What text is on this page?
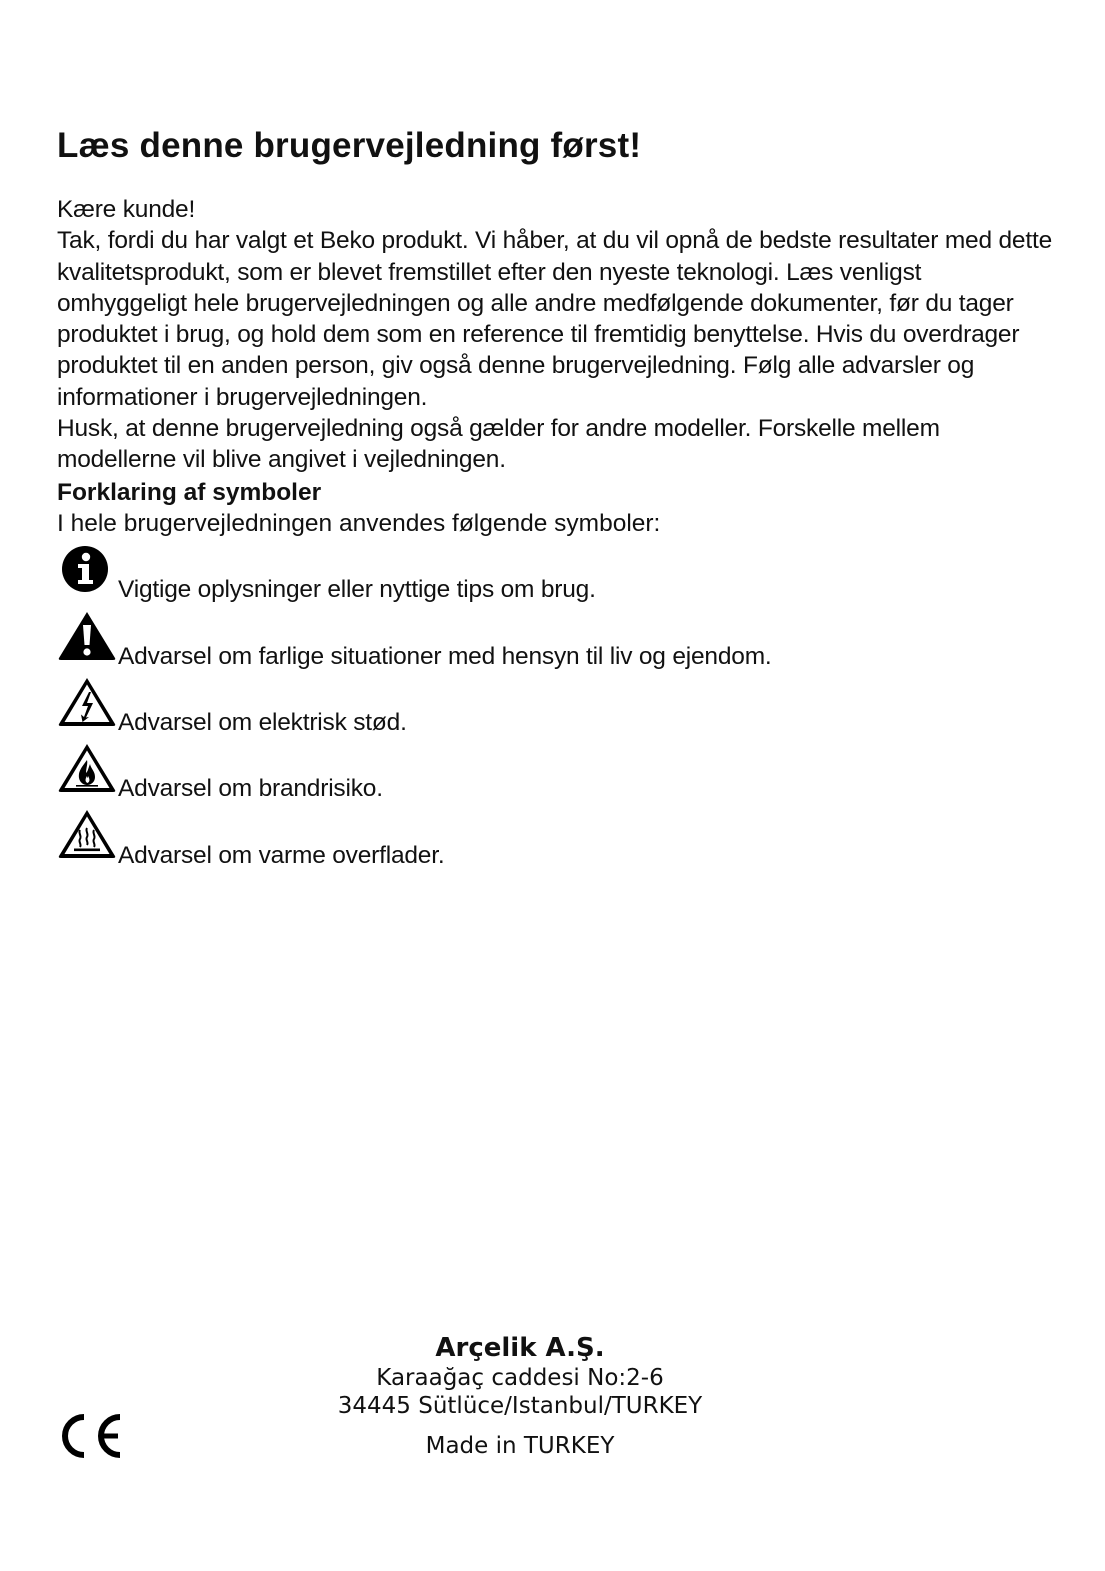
Læs denne brugervejledning først!

Kære kunde!

Tak, fordi du har valgt et Beko produkt. Vi håber, at du vil opnå de bedste resultater med dette kvalitetsprodukt, som er blevet fremstillet efter den nyeste teknologi. Læs venligst omhyggeligt hele brugervejledningen og alle andre medfølgende dokumenter, før du tager produktet i brug, og hold dem som en reference til fremtidig benyttelse. Hvis du overdrager produktet til en anden person, giv også denne brugervejledning. Følg alle advarsler og informationer i brugervejledningen.

Husk, at denne brugervejledning også gælder for andre modeller. Forskelle mellem modellerne vil blive angivet i vejledningen.

Forklaring af symboler

I hele brugervejledningen anvendes følgende symboler:

Vigtige oplysninger eller nyttige tips om brug.
Advarsel om farlige situationer med hensyn til liv og ejendom.
Advarsel om elektrisk stød.
Advarsel om brandrisiko.
Advarsel om varme overflader.
Arçelik A.Ş.
Karaağaç caddesi No:2-6
34445 Sütlüce/Istanbul/TURKEY
Made in TURKEY
